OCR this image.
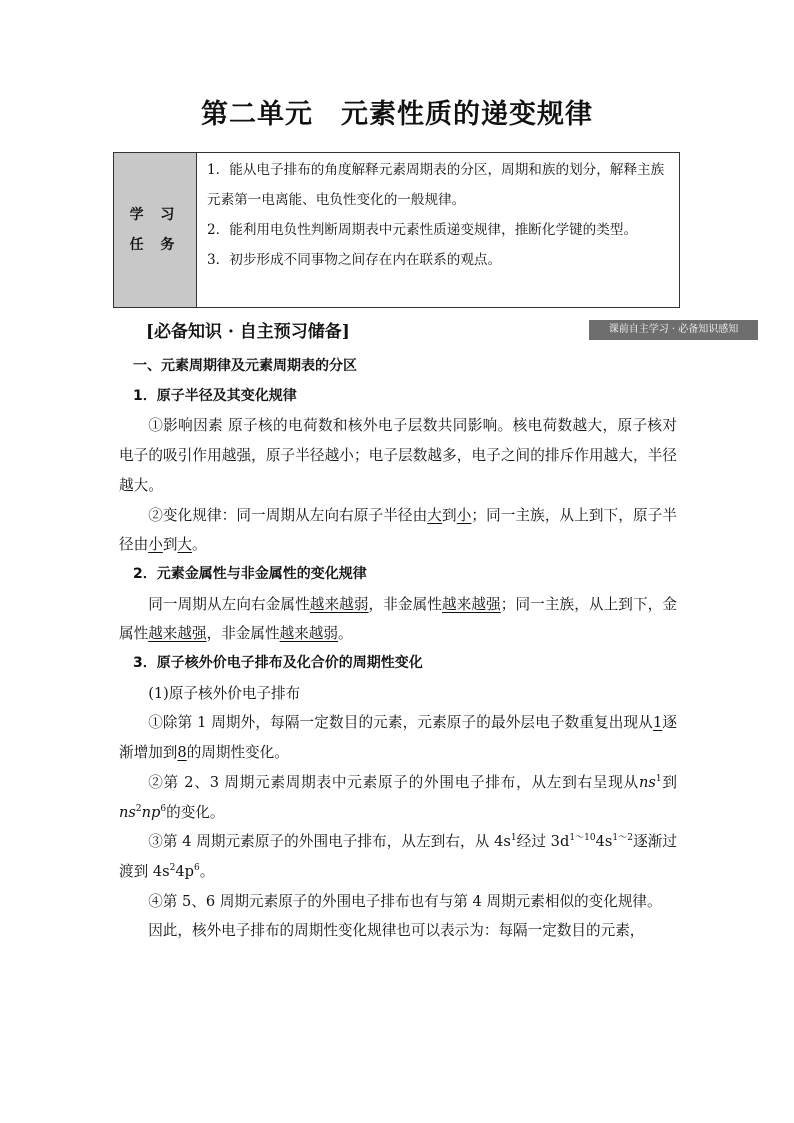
第二单元　元素性质的递变规律
学 习
任 务

1．能从电子排布的角度解释元素周期表的分区，周期和族的划分，解释主族元素第一电离能、电负性变化的一般规律。

2．能利用电负性判断周期表中元素性质递变规律，推断化学键的类型。

3．初步形成不同事物之间存在内在联系的观点。

[必备知识 · 自主预习储备]	课前自主学习 · 必备知识感知

一、元素周期律及元素周期表的分区

1．原子半径及其变化规律

①影响因素 原子核的电荷数和核外电子层数共同影响。核电荷数越大，原子核对电子的吸引作用越强，原子半径越小；电子层数越多，电子之间的排斥作用越大，半径越大。

②变化规律：同一周期从左向右原子半径由大到小；同一主族，从上到下，原子半径由小到大。

2．元素金属性与非金属性的变化规律

同一周期从左向右金属性越来越弱，非金属性越来越强；同一主族，从上到下，金属性越来越强，非金属性越来越弱。

3．原子核外价电子排布及化合价的周期性变化

(1)原子核外价电子排布

①除第 1 周期外，每隔一定数目的元素，元素原子的最外层电子数重复出现从1逐渐增加到8的周期性变化。

②第 2、3 周期元素周期表中元素原子的外围电子排布，从左到右呈现从$ns^1$到$ns^2np^6$的变化。

③第 4 周期元素原子的外围电子排布，从左到右，从 $4s^1$经过 $3d^{1\sim 10}4s^{1\sim 2}$逐渐过渡到 $4s^24p^6$。

④第 5、6 周期元素原子的外围电子排布也有与第 4 周期元素相似的变化规律。

因此，核外电子排布的周期性变化规律也可以表示为：每隔一定数目的元素，
